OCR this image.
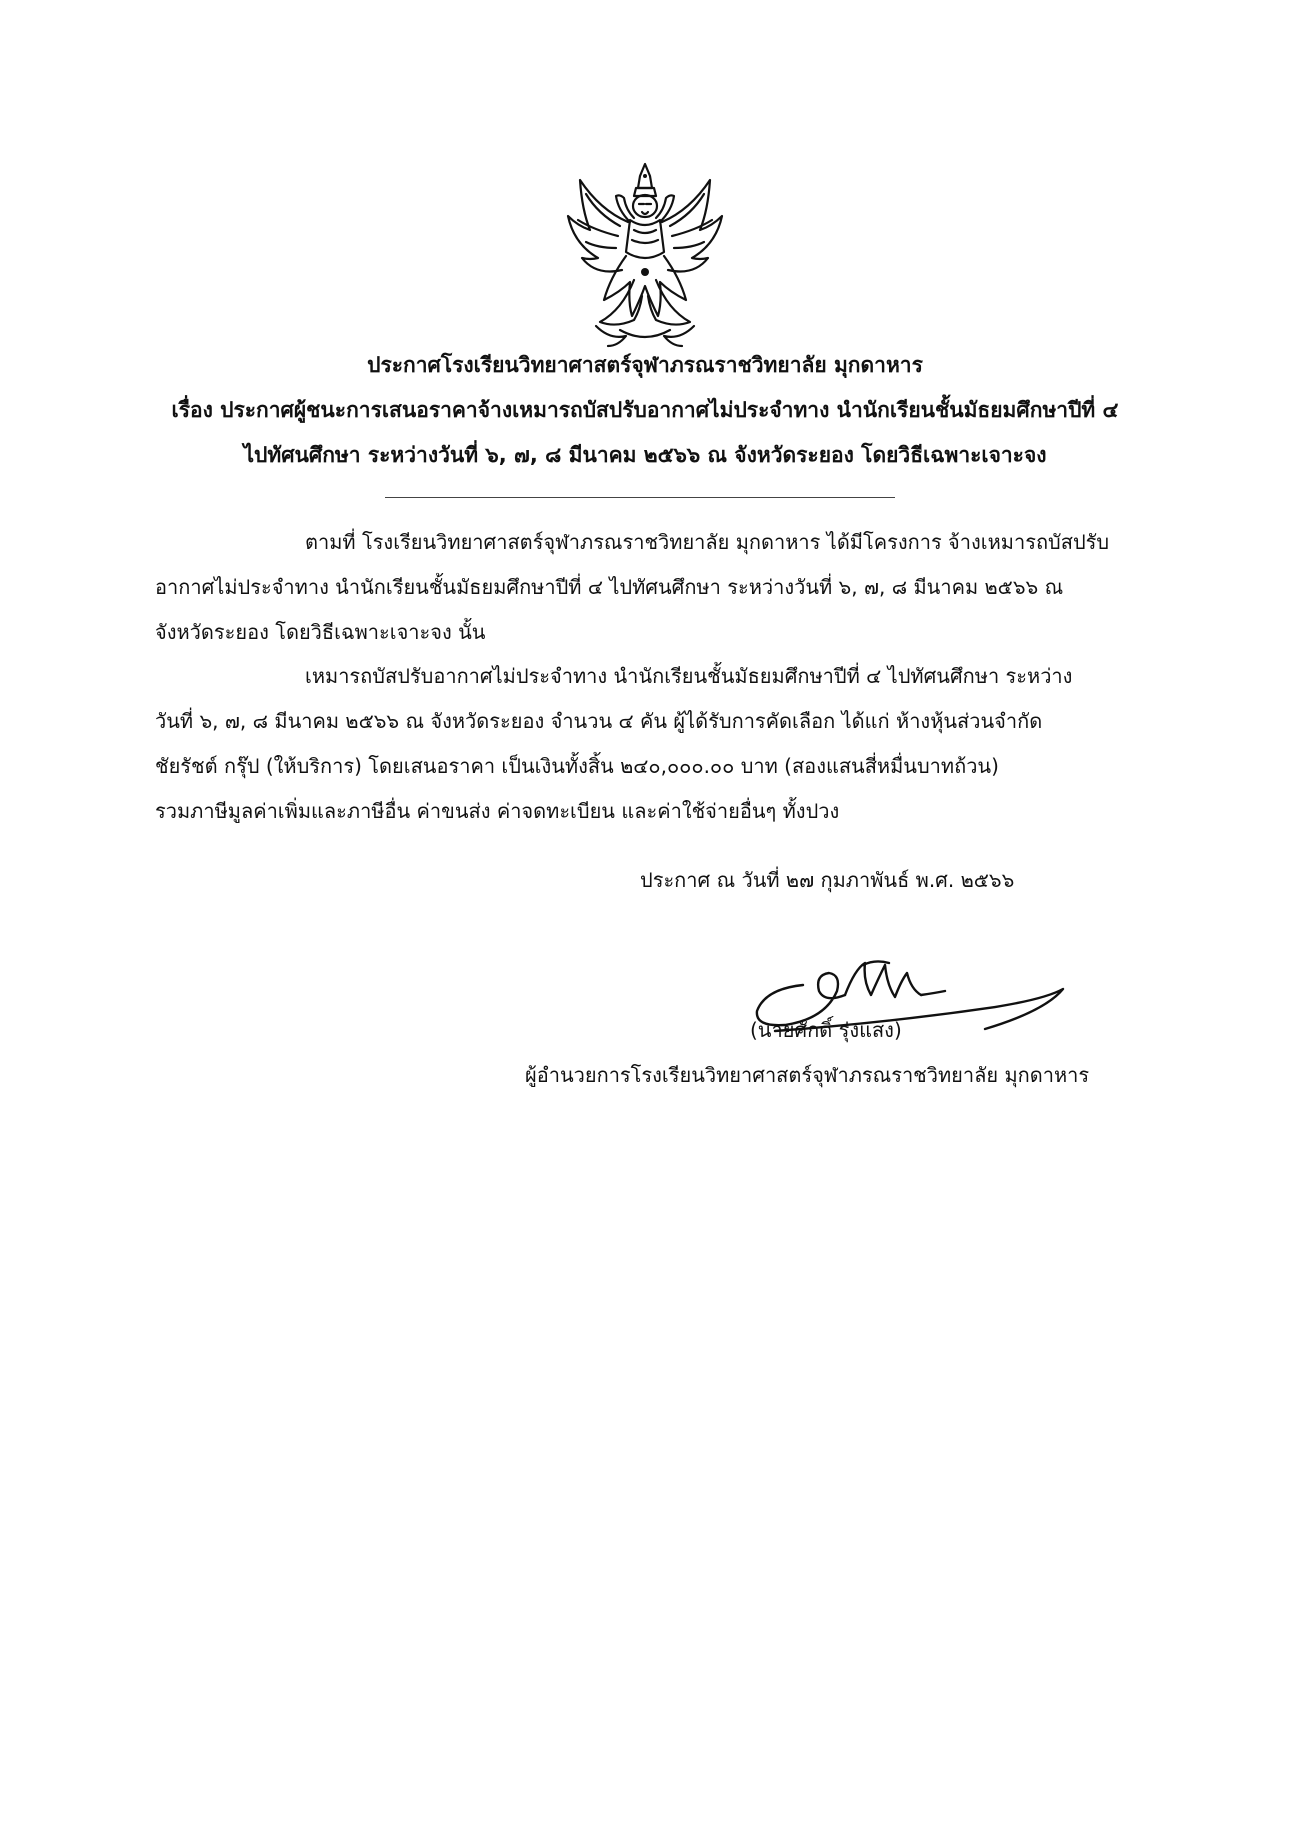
ประกาศโรงเรียนวิทยาศาสตร์จุฬาภรณราชวิทยาลัย มุกดาหาร
เรื่อง ประกาศผู้ชนะการเสนอราคาจ้างเหมารถบัสปรับอากาศไม่ประจำทาง นำนักเรียนชั้นมัธยมศึกษาปีที่ ๔
ไปทัศนศึกษา ระหว่างวันที่ ๖, ๗, ๘ มีนาคม ๒๕๖๖ ณ จังหวัดระยอง โดยวิธีเฉพาะเจาะจง
ตามที่ โรงเรียนวิทยาศาสตร์จุฬาภรณราชวิทยาลัย มุกดาหาร ได้มีโครงการ จ้างเหมารถบัสปรับ
อากาศไม่ประจำทาง นำนักเรียนชั้นมัธยมศึกษาปีที่ ๔ ไปทัศนศึกษา ระหว่างวันที่ ๖, ๗, ๘ มีนาคม ๒๕๖๖ ณ
จังหวัดระยอง โดยวิธีเฉพาะเจาะจง นั้น
เหมารถบัสปรับอากาศไม่ประจำทาง นำนักเรียนชั้นมัธยมศึกษาปีที่ ๔ ไปทัศนศึกษา ระหว่าง
วันที่ ๖, ๗, ๘ มีนาคม ๒๕๖๖ ณ จังหวัดระยอง จำนวน ๔ คัน ผู้ได้รับการคัดเลือก ได้แก่ ห้างหุ้นส่วนจำกัด
ชัยรัชต์ กรุ๊ป (ให้บริการ) โดยเสนอราคา เป็นเงินทั้งสิ้น ๒๔๐,๐๐๐.๐๐ บาท (สองแสนสี่หมื่นบาทถ้วน)
รวมภาษีมูลค่าเพิ่มและภาษีอื่น ค่าขนส่ง ค่าจดทะเบียน และค่าใช้จ่ายอื่นๆ ทั้งปวง
ประกาศ ณ วันที่ ๒๗ กุมภาพันธ์ พ.ศ. ๒๕๖๖
(นายศักดิ์ รุ่งแสง)
ผู้อำนวยการโรงเรียนวิทยาศาสตร์จุฬาภรณราชวิทยาลัย มุกดาหาร
